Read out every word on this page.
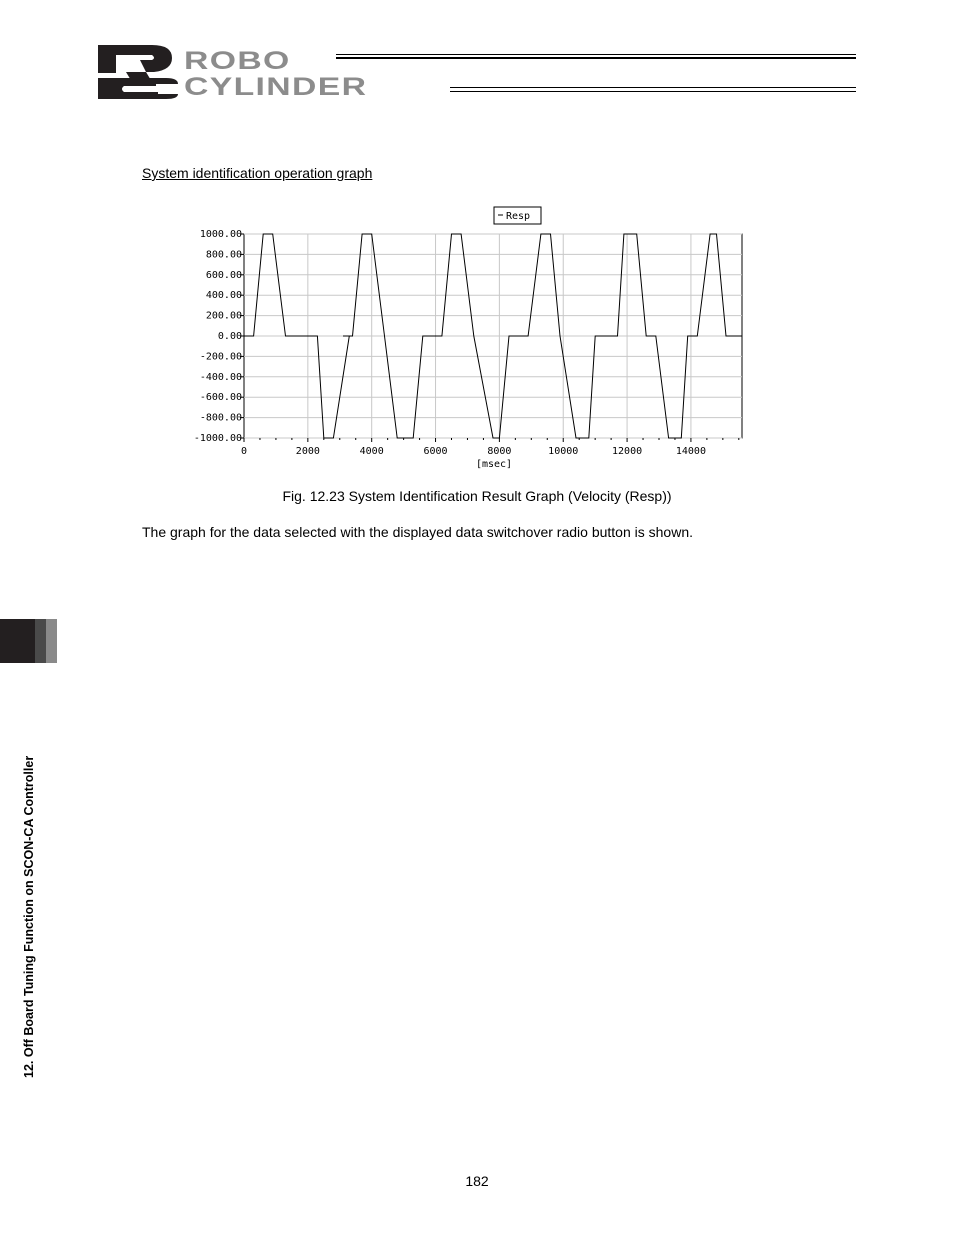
ROBO
CYLINDER
System identification operation graph
1000.00
800.00
600.00
400.00
200.00
0.00
-200.00
-400.00
-600.00
-800.00
-1000.00
0	2000	4000	6000	8000	10000	12000	14000
[msec]
Resp
Fig. 12.23 System Identification Result Graph (Velocity (Resp))
The graph for the data selected with the displayed data switchover radio button is shown.
12. Off Board Tuning Function on SCON-CA Controller
182
